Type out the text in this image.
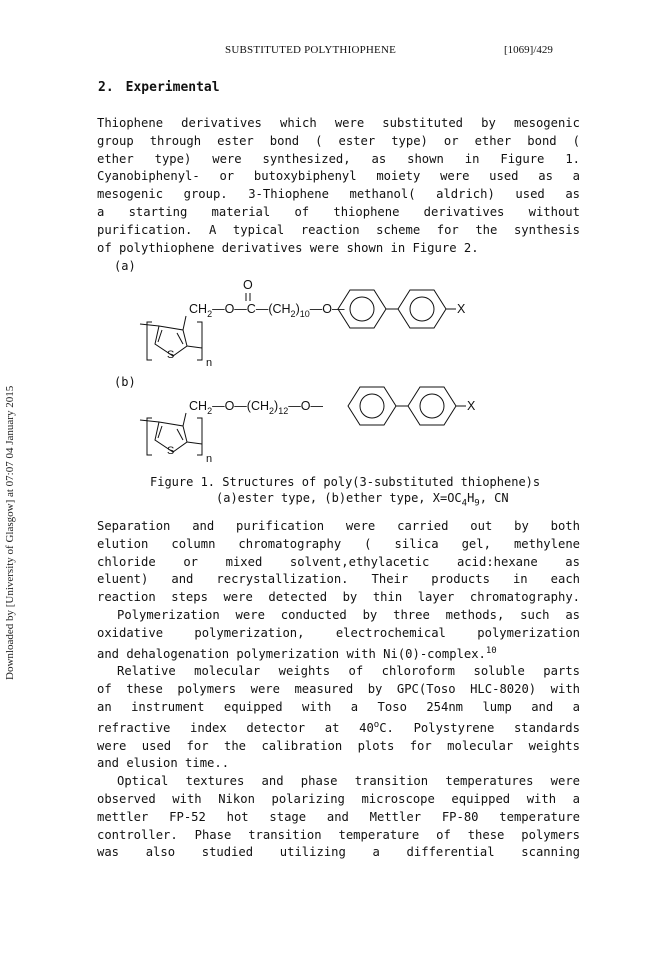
Downloaded by [University of Glasgow] at 07:07 04 January 2015
SUBSTITUTED POLYTHIOPHENE	[1069]/429
2. Experimental
Thiophene derivatives which were substituted by mesogenic
group through ester bond ( ester type) or ether bond (
ether type) were synthesized, as shown in Figure 1.
Cyanobiphenyl- or butoxybiphenyl moiety were used as a
mesogenic group. 3-Thiophene methanol( aldrich) used as
a starting material of thiophene derivatives without
purification. A typical reaction scheme for the synthesis
of polythiophene derivatives were shown in Figure 2.
(a)
O
$CH_2—O—C—(CH_2)_{10}—O—$
S
n
X
(b)
$CH_2—O—(CH_2)_{12}—O—$
S
n
X
Figure 1. Structures of poly(3-substituted thiophene)s
(a)ester type, (b)ether type, $X=OC_4H_9$, CN
Separation and purification were carried out by both
elution column chromatography ( silica gel, methylene
chloride or mixed solvent,ethylacetic acid:hexane as
eluent) and recrystallization. Their products in each
reaction steps were detected by thin layer chromatography.
Polymerization were conducted by three methods, such as
oxidative polymerization, electrochemical polymerization
and dehalogenation polymerization with Ni(0)-complex.$^{10}$
Relative molecular weights of chloroform soluble parts
of these polymers were measured by GPC(Toso HLC-8020) with
an instrument equipped with a Toso 254nm lump and a
refractive index detector at 40$^o$C. Polystyrene standards
were used for the calibration plots for molecular weights
and elusion time..
Optical textures and phase transition temperatures were
observed with Nikon polarizing microscope equipped with a
mettler FP-52 hot stage and Mettler FP-80 temperature
controller. Phase transition temperature of these polymers
was also studied utilizing a differential scanning
